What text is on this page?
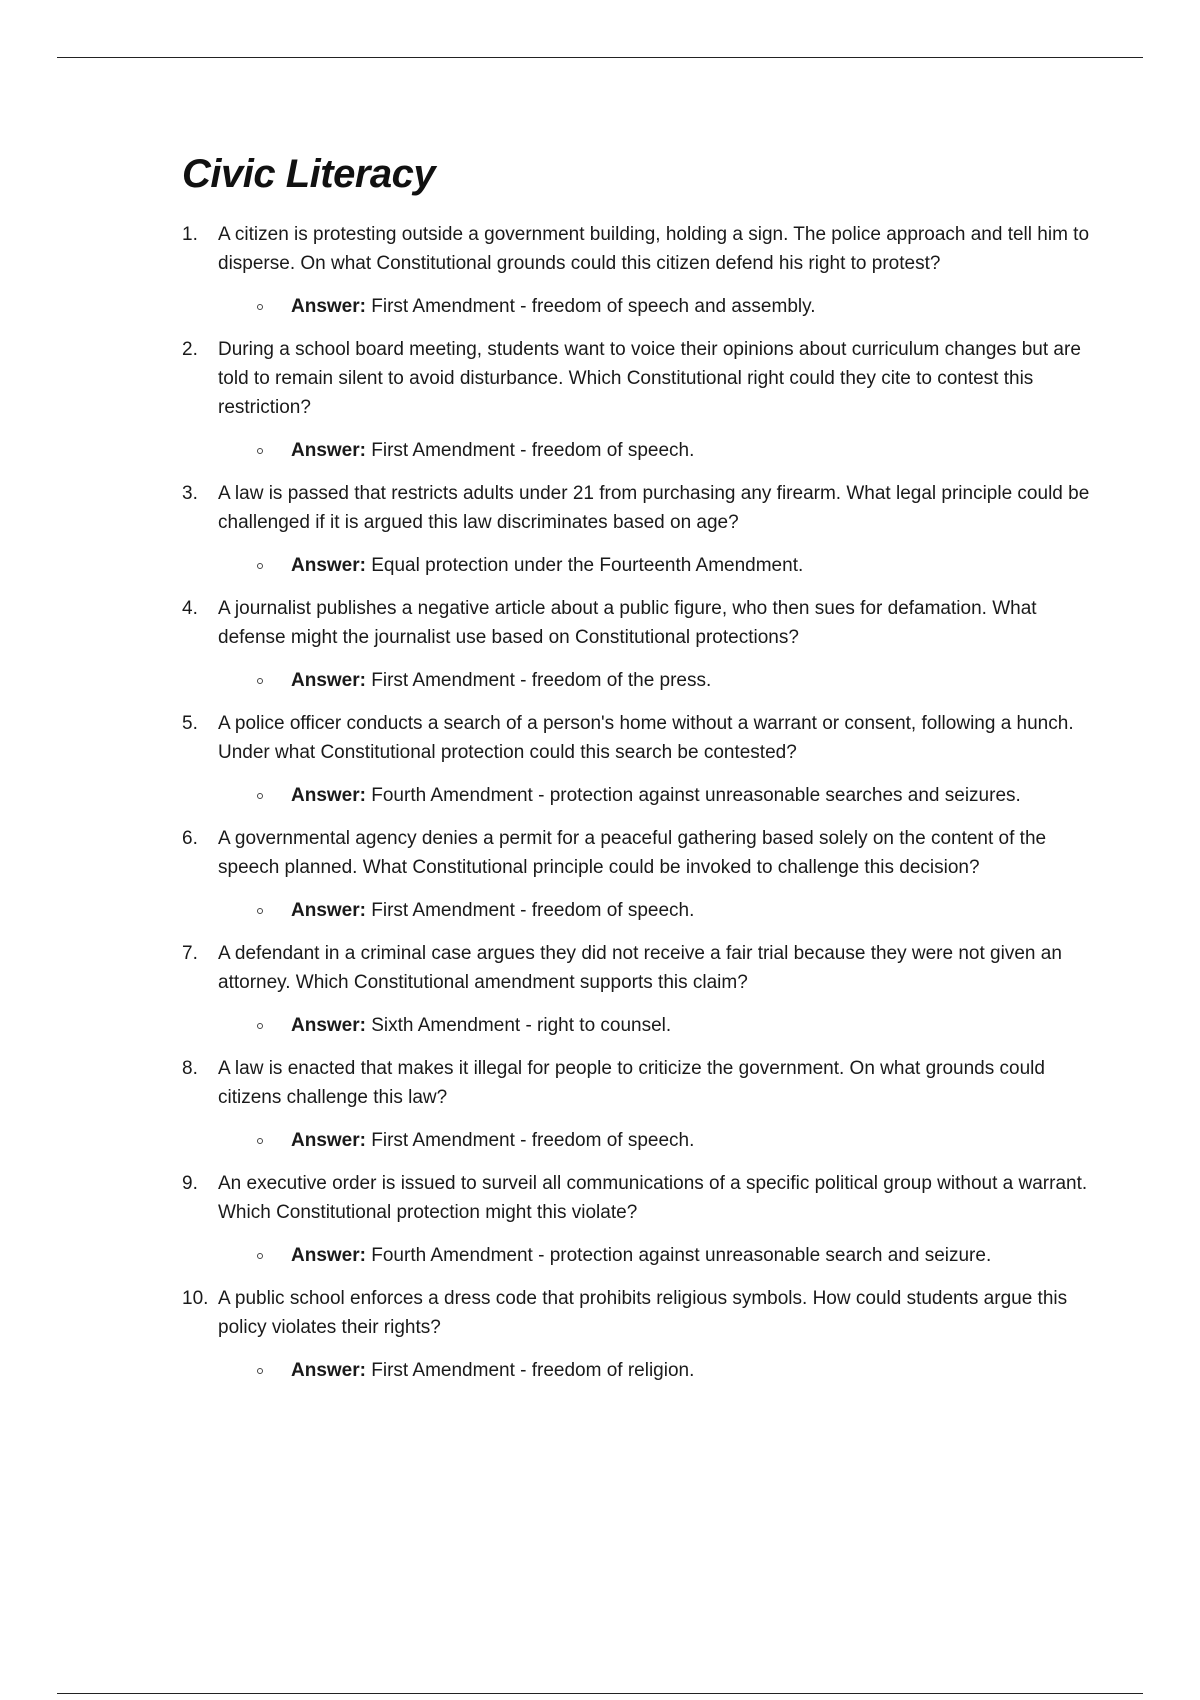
Civic Literacy
1. A citizen is protesting outside a government building, holding a sign. The police approach and tell him to disperse. On what Constitutional grounds could this citizen defend his right to protest?
Answer: First Amendment - freedom of speech and assembly.
2. During a school board meeting, students want to voice their opinions about curriculum changes but are told to remain silent to avoid disturbance. Which Constitutional right could they cite to contest this restriction?
Answer: First Amendment - freedom of speech.
3. A law is passed that restricts adults under 21 from purchasing any firearm. What legal principle could be challenged if it is argued this law discriminates based on age?
Answer: Equal protection under the Fourteenth Amendment.
4. A journalist publishes a negative article about a public figure, who then sues for defamation. What defense might the journalist use based on Constitutional protections?
Answer: First Amendment - freedom of the press.
5. A police officer conducts a search of a person's home without a warrant or consent, following a hunch. Under what Constitutional protection could this search be contested?
Answer: Fourth Amendment - protection against unreasonable searches and seizures.
6. A governmental agency denies a permit for a peaceful gathering based solely on the content of the speech planned. What Constitutional principle could be invoked to challenge this decision?
Answer: First Amendment - freedom of speech.
7. A defendant in a criminal case argues they did not receive a fair trial because they were not given an attorney. Which Constitutional amendment supports this claim?
Answer: Sixth Amendment - right to counsel.
8. A law is enacted that makes it illegal for people to criticize the government. On what grounds could citizens challenge this law?
Answer: First Amendment - freedom of speech.
9. An executive order is issued to surveil all communications of a specific political group without a warrant. Which Constitutional protection might this violate?
Answer: Fourth Amendment - protection against unreasonable search and seizure.
10. A public school enforces a dress code that prohibits religious symbols. How could students argue this policy violates their rights?
Answer: First Amendment - freedom of religion.
